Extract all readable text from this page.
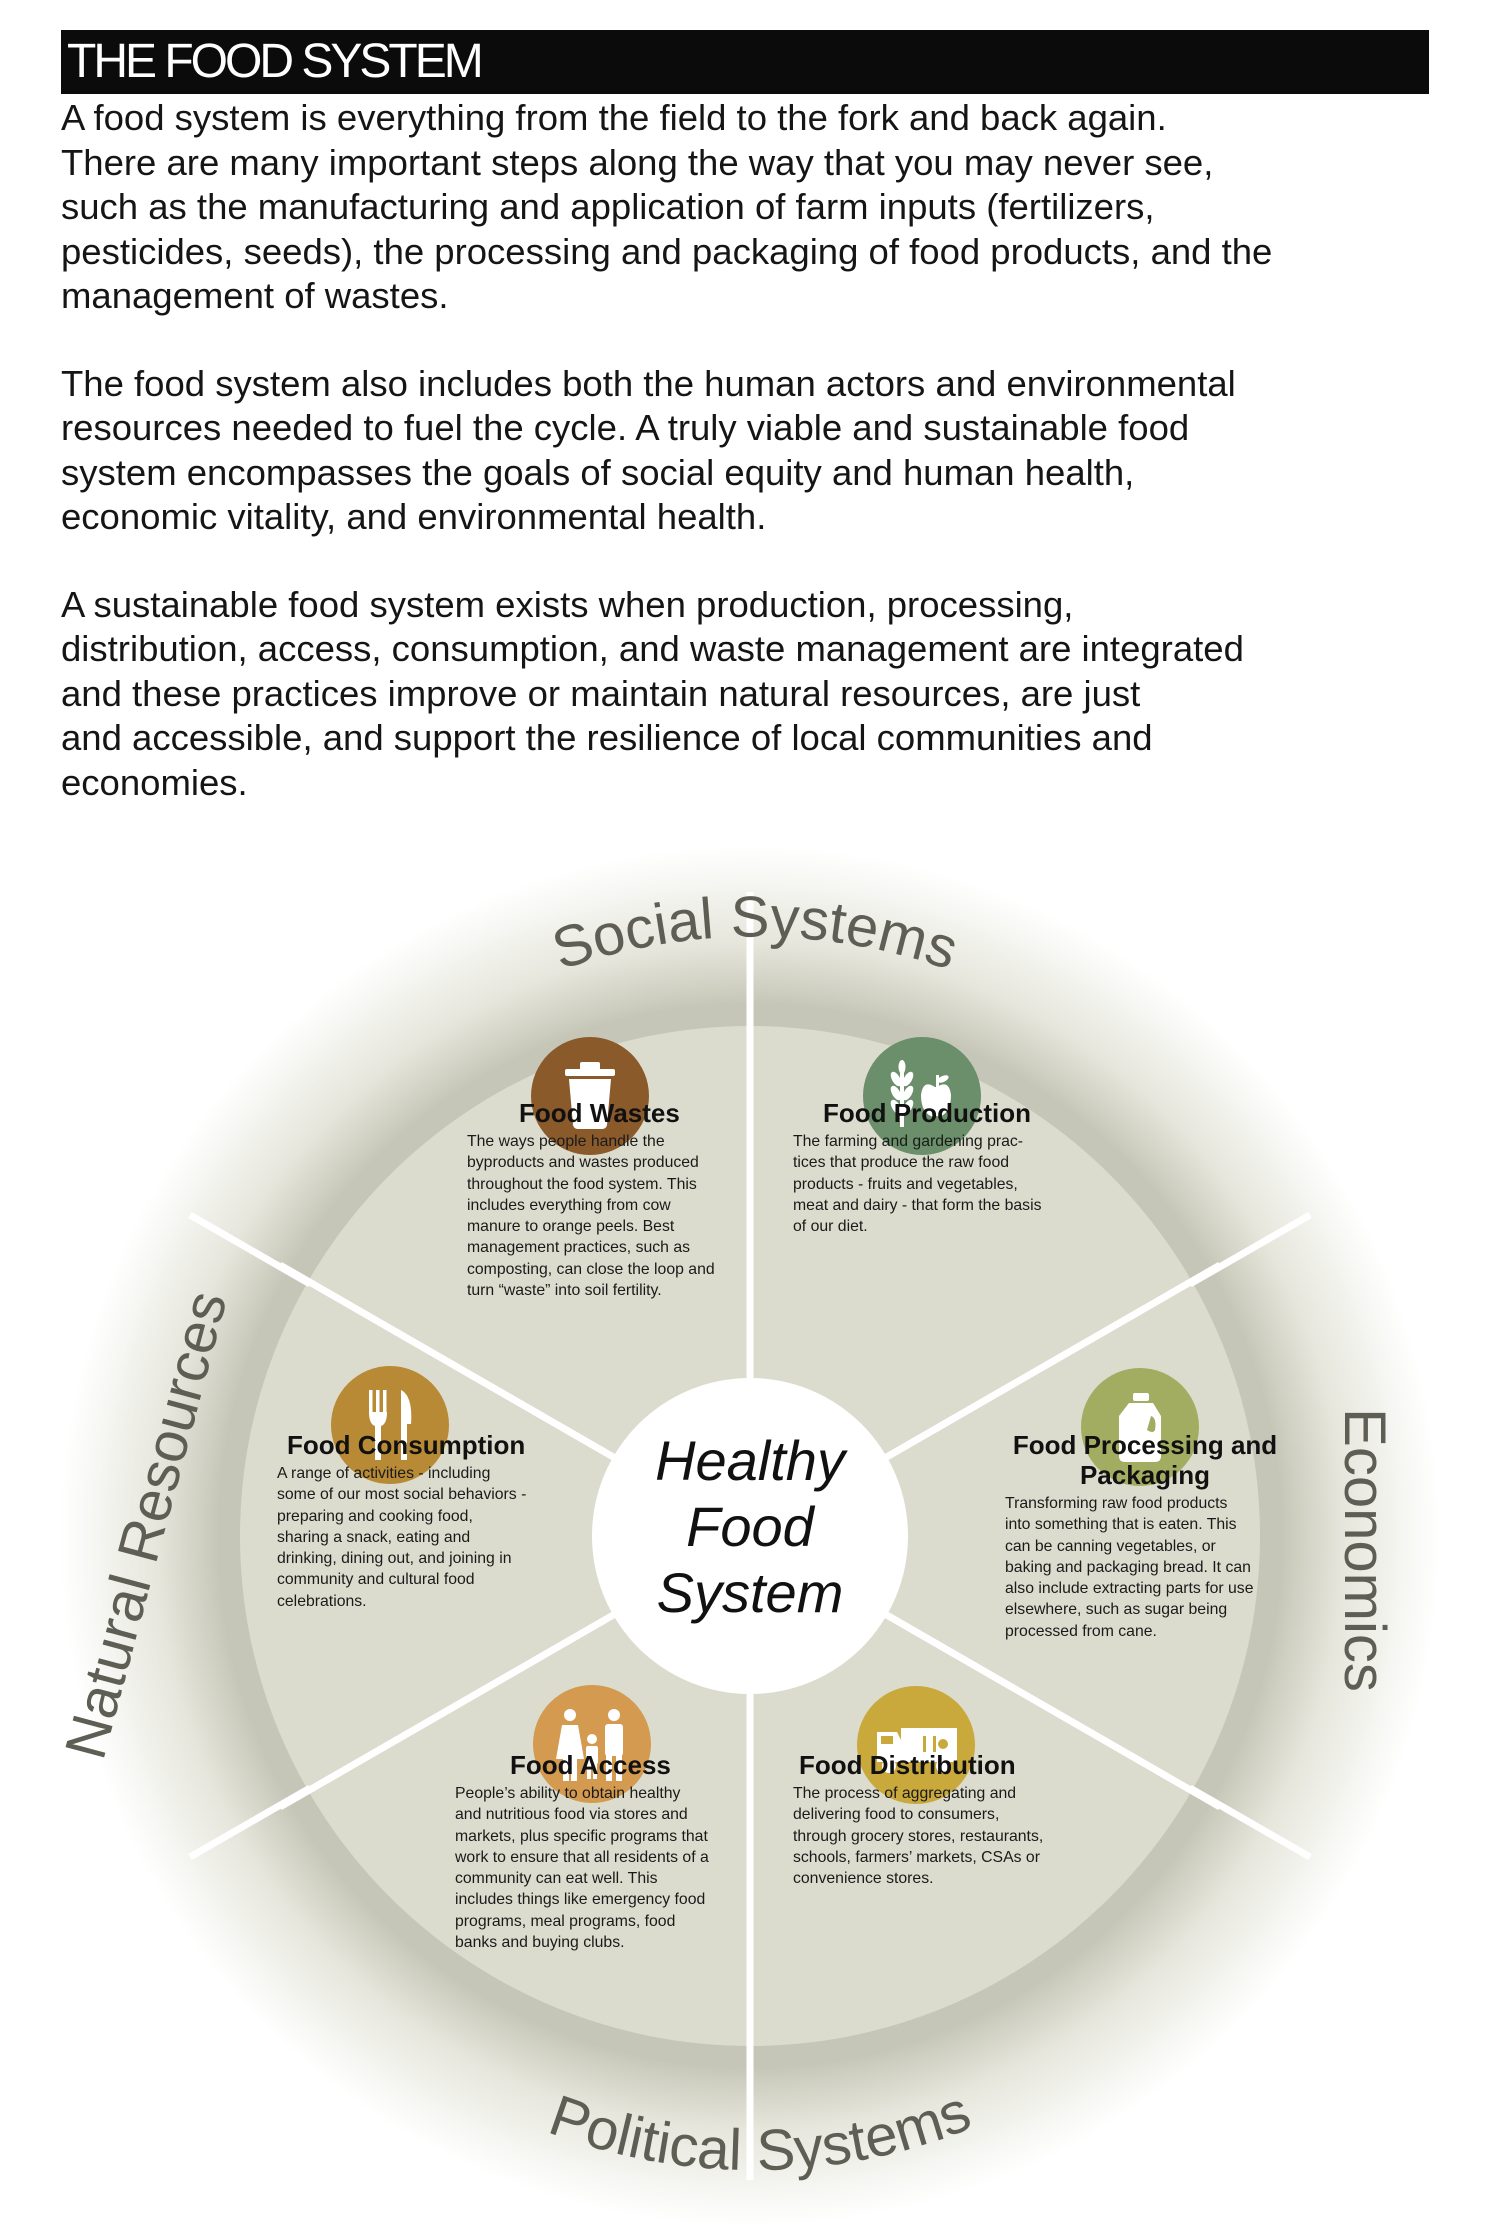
THE FOOD SYSTEM

A food system is everything from the field to the fork and back again.
There are many important steps along the way that you may never see,
such as the manufacturing and application of farm inputs (fertilizers,
pesticides, seeds), the processing and packaging of food products, and the
management of wastes.

The food system also includes both the human actors and environmental
resources needed to fuel the cycle. A truly viable and sustainable food
system encompasses the goals of social equity and human health,
economic vitality, and environmental health.

A sustainable food system exists when production, processing,
distribution, access, consumption, and waste management are integrated
and these practices improve or maintain natural resources, are just
and accessible, and support the resilience of local communities and
economies.

Social Systems
Political Systems
Economics
Natural Resources	Healthy
Food
System
Food Wastes
The ways people handle the
byproducts and wastes produced
throughout the food system. This
includes everything from cow
manure to orange peels. Best
management practices, such as
composting, can close the loop and
turn “waste” into soil fertility.
Food Production
The farming and gardening prac-
tices that produce the raw food
products - fruits and vegetables,
meat and dairy - that form the basis
of our diet.
Food Processing and
Packaging
Transforming raw food products
into something that is eaten. This
can be canning vegetables, or
baking and packaging bread. It can
also include extracting parts for use
elsewhere, such as sugar being
processed from cane.
Food Distribution
The process of aggregating and
delivering food to consumers,
through grocery stores, restaurants,
schools, farmers’ markets, CSAs or
convenience stores.
Food Access
People’s ability to obtain healthy
and nutritious food via stores and
markets, plus specific programs that
work to ensure that all residents of a
community can eat well. This
includes things like emergency food
programs, meal programs, food
banks and buying clubs.
Food Consumption
A range of activities - including
some of our most social behaviors -
preparing and cooking food,
sharing a snack, eating and
drinking, dining out, and joining in
community and cultural food
celebrations.
